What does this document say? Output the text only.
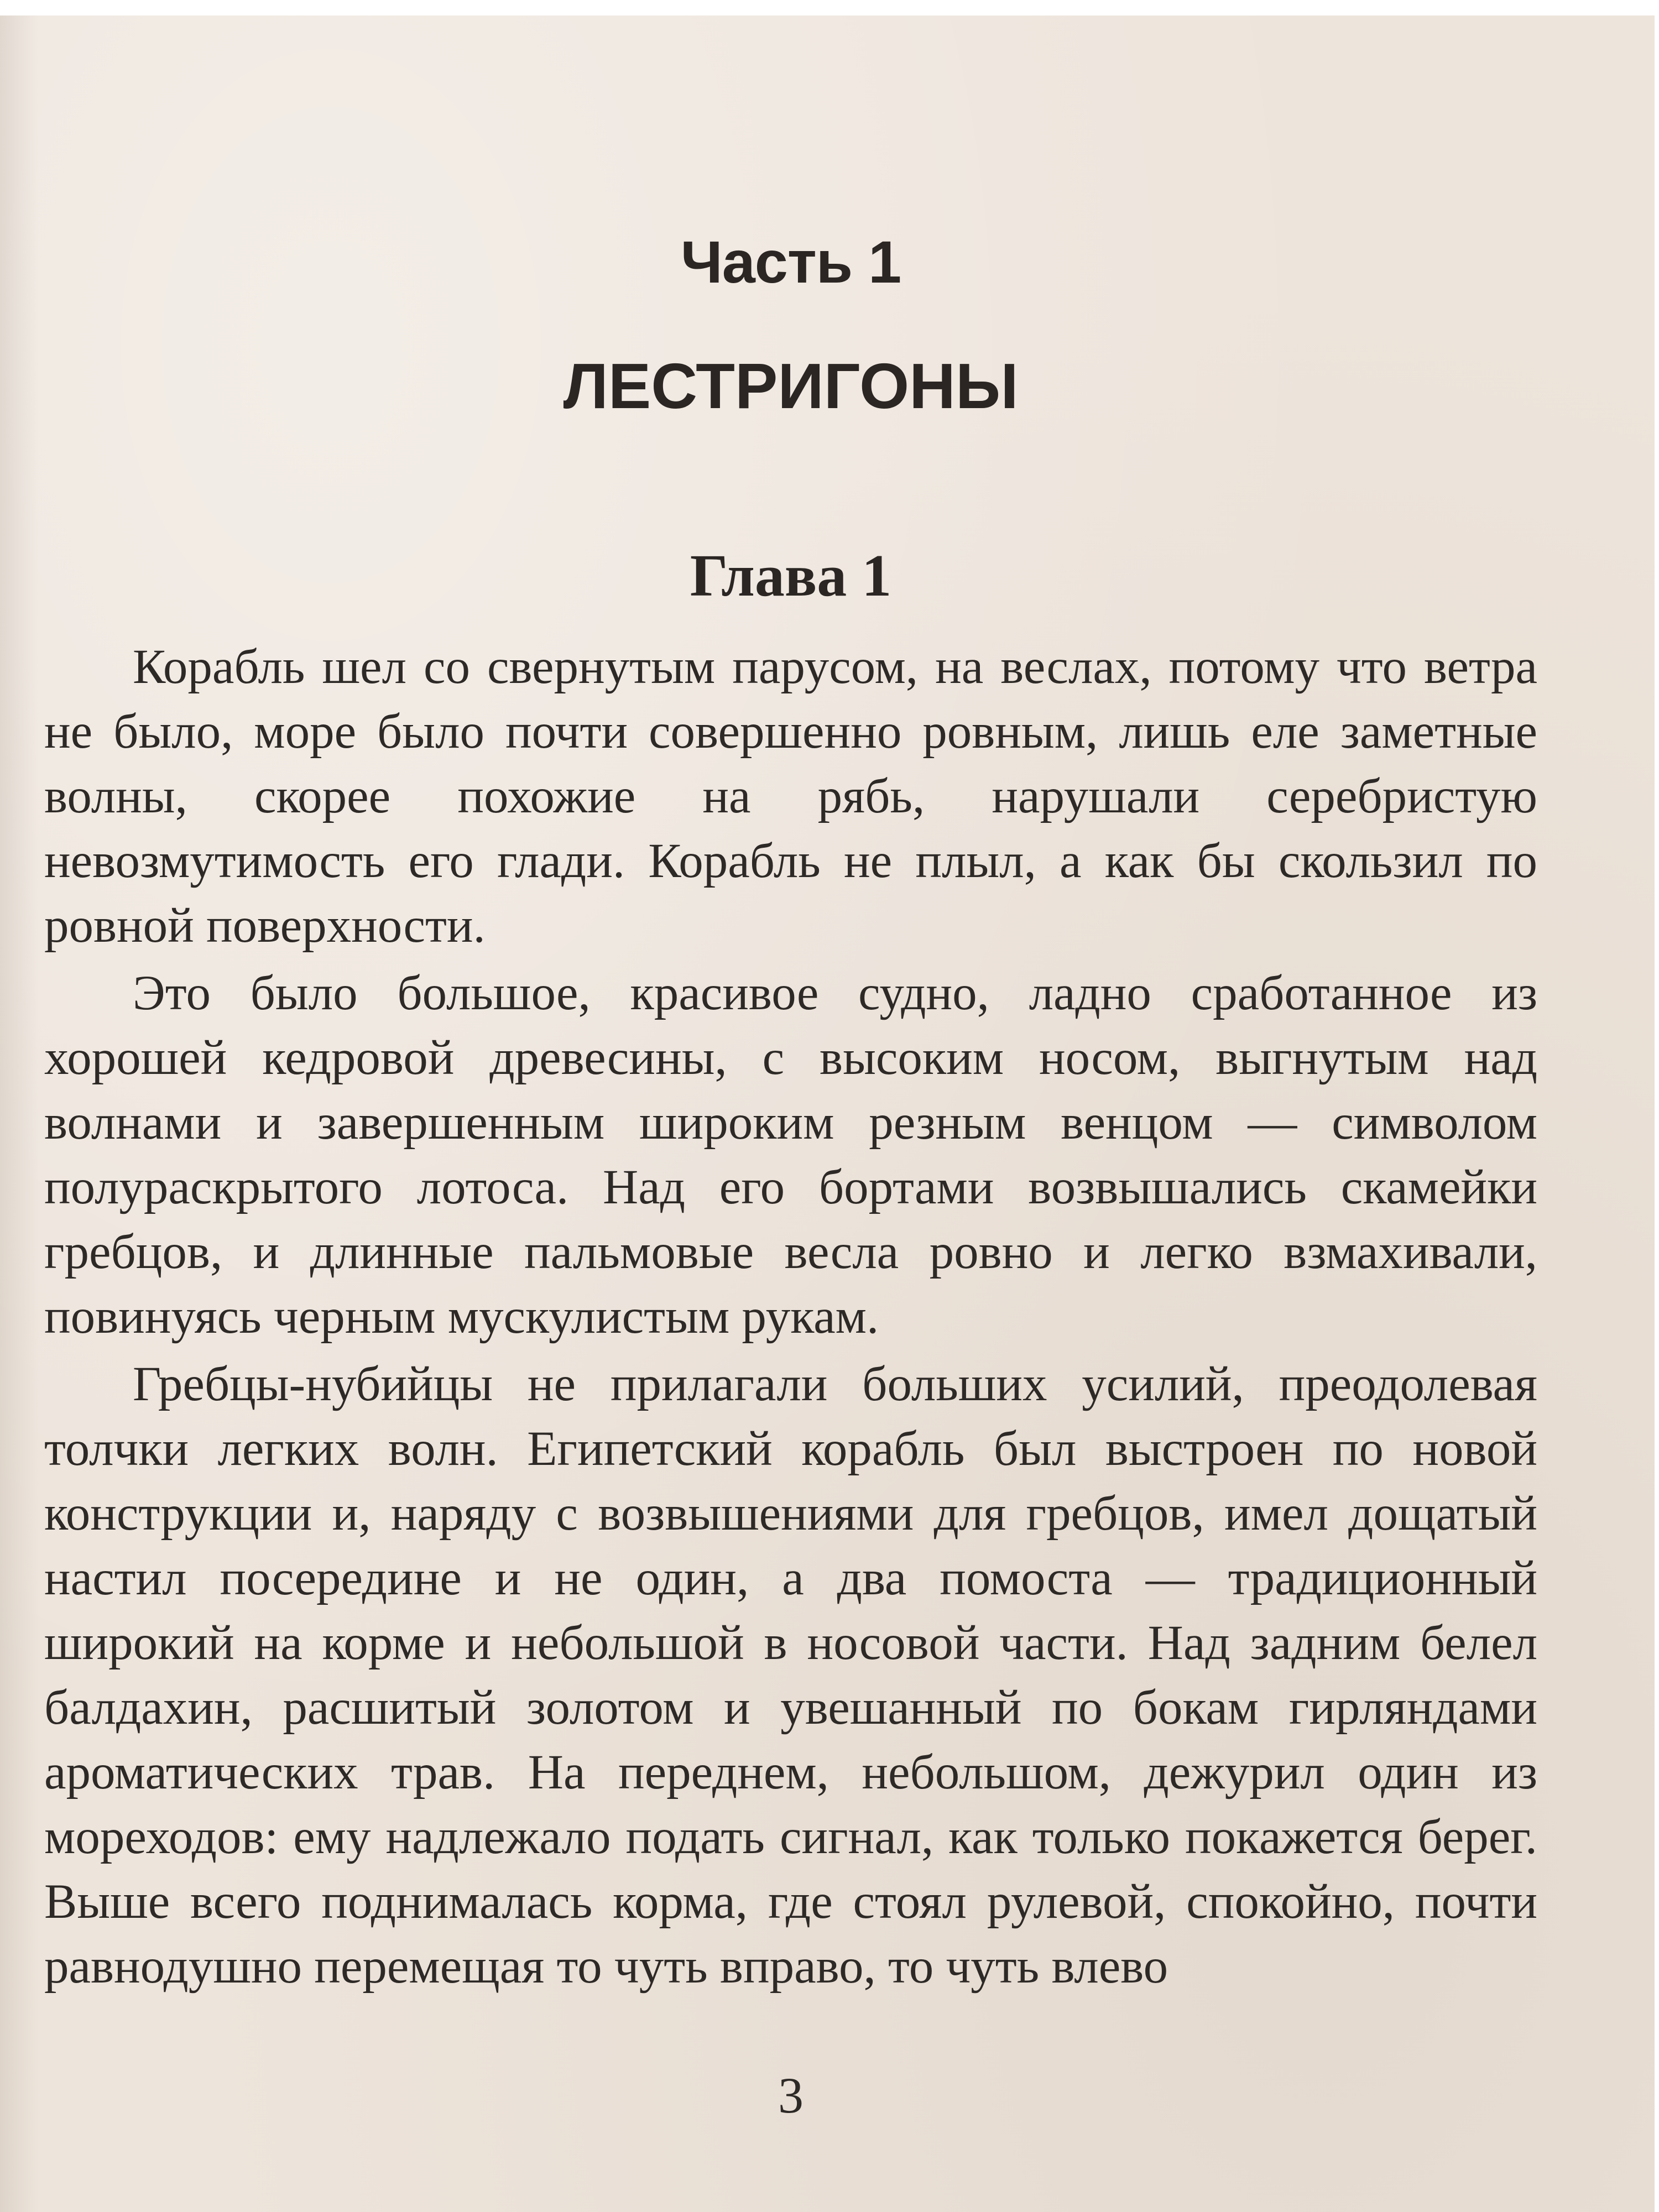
Часть 1
ЛЕСТРИГОНЫ
Глава 1

Корабль шел со свернутым парусом, на веслах, потому что ветра не было, море было почти совершенно ровным, лишь еле заметные волны, скорее похожие на рябь, нарушали серебристую невозмутимость его глади. Корабль не плыл, а как бы скользил по ровной поверхности.

Это было большое, красивое судно, ладно сработанное из хорошей кедровой древесины, с высоким носом, выгнутым над волнами и завершенным широким резным венцом — символом полураскрытого лотоса. Над его бортами возвышались скамейки гребцов, и длинные пальмовые весла ровно и легко взмахивали, повинуясь черным мускулистым рукам.

Гребцы-нубийцы не прилагали больших усилий, преодолевая толчки легких волн. Египетский корабль был выстроен по новой конструкции и, наряду с возвышениями для гребцов, имел дощатый настил посередине и не один, а два помоста — традиционный широкий на корме и небольшой в носовой части. Над задним белел балдахин, расшитый золотом и увешанный по бокам гирляндами ароматических трав. На переднем, небольшом, дежурил один из мореходов: ему надлежало подать сигнал, как только покажется берег. Выше всего поднималась корма, где стоял рулевой, спокойно, почти равнодушно перемещая то чуть вправо, то чуть влево

3
